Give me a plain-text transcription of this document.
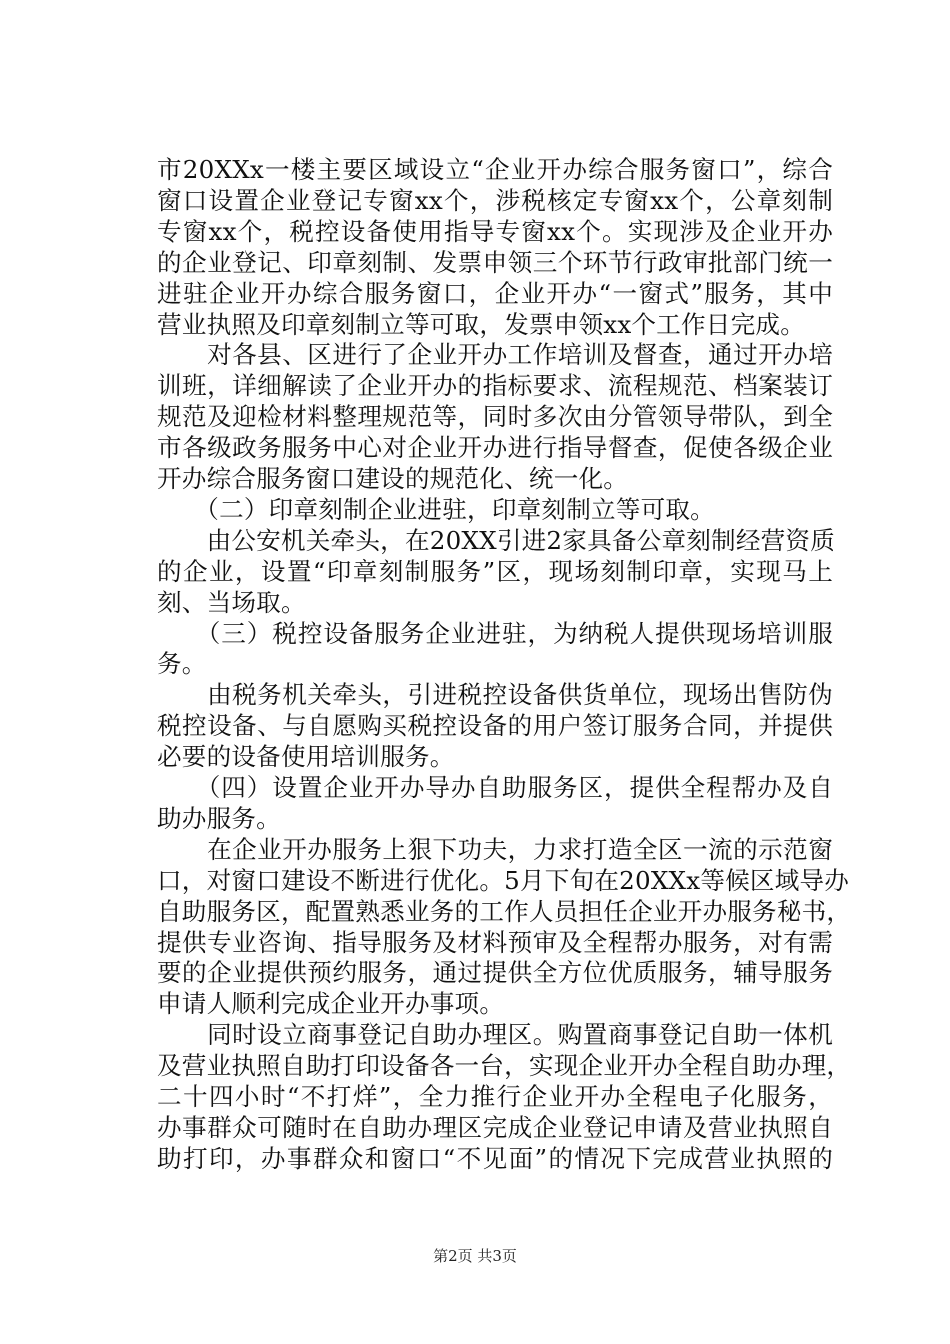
市20XXx一楼主要区域设立“企业开办综合服务窗口”，综合
窗口设置企业登记专窗xx个，涉税核定专窗xx个，公章刻制
专窗xx个，税控设备使用指导专窗xx个。实现涉及企业开办
的企业登记、印章刻制、发票申领三个环节行政审批部门统一
进驻企业开办综合服务窗口，企业开办“一窗式”服务，其中
营业执照及印章刻制立等可取，发票申领xx个工作日完成。
　　对各县、区进行了企业开办工作培训及督查，通过开办培
训班，详细解读了企业开办的指标要求、流程规范、档案装订
规范及迎检材料整理规范等，同时多次由分管领导带队，到全
市各级政务服务中心对企业开办进行指导督查，促使各级企业
开办综合服务窗口建设的规范化、统一化。
　　（二）印章刻制企业进驻，印章刻制立等可取。
　　由公安机关牵头，在20XX引进2家具备公章刻制经营资质
的企业，设置“印章刻制服务”区，现场刻制印章，实现马上
刻、当场取。
　　（三）税控设备服务企业进驻，为纳税人提供现场培训服
务。
　　由税务机关牵头，引进税控设备供货单位，现场出售防伪
税控设备、与自愿购买税控设备的用户签订服务合同，并提供
必要的设备使用培训服务。
　　（四）设置企业开办导办自助服务区，提供全程帮办及自
助办服务。
　　在企业开办服务上狠下功夫，力求打造全区一流的示范窗
口，对窗口建设不断进行优化。5月下旬在20XXx等候区域导办
自助服务区，配置熟悉业务的工作人员担任企业开办服务秘书，
提供专业咨询、指导服务及材料预审及全程帮办服务，对有需
要的企业提供预约服务，通过提供全方位优质服务，辅导服务
申请人顺利完成企业开办事项。
　　同时设立商事登记自助办理区。购置商事登记自助一体机
及营业执照自助打印设备各一台，实现企业开办全程自助办理，
二十四小时“不打烊”，全力推行企业开办全程电子化服务，
办事群众可随时在自助办理区完成企业登记申请及营业执照自
助打印，办事群众和窗口“不见面”的情况下完成营业执照的
第2页 共3页
